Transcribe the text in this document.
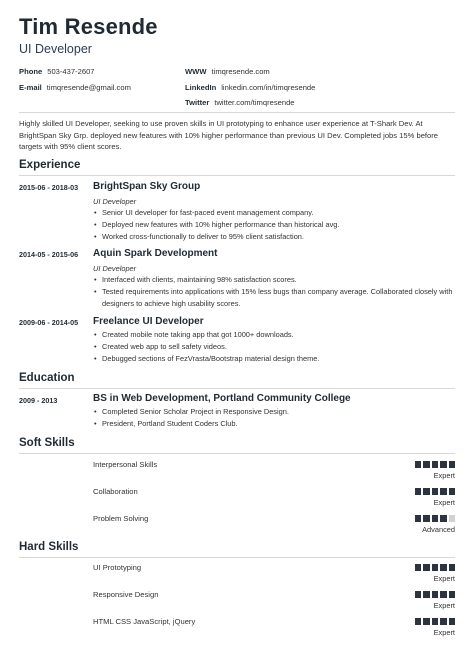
Tim Resende
UI Developer
Phone 503-437-2607
E-mail timqresende@gmail.com
WWW timqresende.com
LinkedIn linkedin.com/in/timqresende
Twitter twitter.com/timqresende
Highly skilled UI Developer, seeking to use proven skills in UI prototyping to enhance user experience at T-Shark Dev. At BrightSpan Sky Grp. deployed new features with 10% higher performance than previous UI Dev. Completed jobs 15% before targets with 95% client scores.
Experience
2015-06 - 2018-03 BrightSpan Sky Group
UI Developer
• Senior UI developer for fast-paced event management company.
• Deployed new features with 10% higher performance than historical avg.
• Worked cross-functionally to deliver to 95% client satisfaction.
2014-05 - 2015-06 Aquin Spark Development
UI Developer
• Interfaced with clients, maintaining 98% satisfaction scores.
• Tested requirements into applications with 15% less bugs than company average. Collaborated closely with designers to achieve high usability scores.
2009-06 - 2014-05 Freelance UI Developer
• Created mobile note taking app that got 1000+ downloads.
• Created web app to sell safety videos.
• Debugged sections of FezVrasta/Bootstrap material design theme.
Education
2009 - 2013	BS in Web Development, Portland Community College
• Completed Senior Scholar Project in Responsive Design.
• President, Portland Student Coders Club.
Soft Skills
Interpersonal Skills
Expert
Collaboration
Expert
Problem Solving
Advanced
Hard Skills
UI Prototyping
Expert
Responsive Design
Expert
HTML CSS JavaScript, jQuery
Expert
